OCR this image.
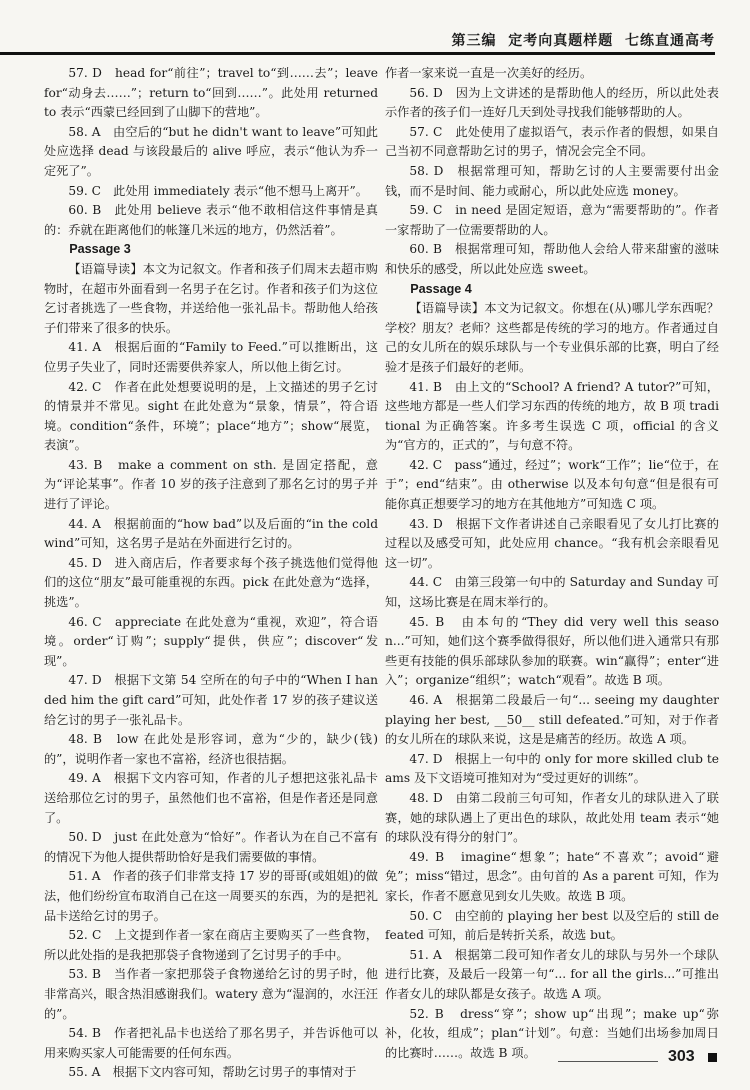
第三编  定考向真题样题  七练直通高考

57. D　head for“前往”；travel to“到……去”；leave for“动身去……”；return to“回到……”。此处用 returned to 表示“西蒙已经回到了山脚下的营地”。

58. A　由空后的“but he didn't want to leave”可知此处应选择 dead 与该段最后的 alive 呼应，表示“他认为乔一定死了”。

59. C　此处用 immediately 表示“他不想马上离开”。

60. B　此处用 believe 表示“他不敢相信这件事情是真的：乔就在距离他们的帐篷几米远的地方，仍然活着”。

Passage 3

【语篇导读】本文为记叙文。作者和孩子们周末去超市购物时，在超市外面看到一名男子在乞讨。作者和孩子们为这位乞讨者挑选了一些食物，并送给他一张礼品卡。帮助他人给孩子们带来了很多的快乐。

41. A　根据后面的“Family to Feed.”可以推断出，这位男子失业了，同时还需要供养家人，所以他上街乞讨。

42. C　作者在此处想要说明的是，上文描述的男子乞讨的情景并不常见。sight 在此处意为“景象，情景”，符合语境。condition“条件，环境”；place“地方”；show“展览，表演”。

43. B　make a comment on sth. 是固定搭配，意为“评论某事”。作者 10 岁的孩子注意到了那名乞讨的男子并进行了评论。

44. A　根据前面的“how bad”以及后面的“in the cold wind”可知，这名男子是站在外面进行乞讨的。

45. D　进入商店后，作者要求每个孩子挑选他们觉得他们的这位“朋友”最可能重视的东西。pick 在此处意为“选择，挑选”。

46. C　appreciate 在此处意为“重视，欢迎”，符合语境。order“订购”；supply“提供，供应”；discover“发现”。

47. D　根据下文第 54 空所在的句子中的“When I handed him the gift card”可知，此处作者 17 岁的孩子建议送给乞讨的男子一张礼品卡。

48. B　low 在此处是形容词，意为“少的，缺少(钱)的”，说明作者一家也不富裕，经济也很拮据。

49. A　根据下文内容可知，作者的儿子想把这张礼品卡送给那位乞讨的男子，虽然他们也不富裕，但是作者还是同意了。

50. D　just 在此处意为“恰好”。作者认为在自己不富有的情况下为他人提供帮助恰好是我们需要做的事情。

51. A　作者的孩子们非常支持 17 岁的哥哥(或姐姐)的做法，他们纷纷宣布取消自己在这一周要买的东西，为的是把礼品卡送给乞讨的男子。

52. C　上文提到作者一家在商店主要购买了一些食物，所以此处指的是我把那袋子食物递到了乞讨男子的手中。

53. B　当作者一家把那袋子食物递给乞讨的男子时，他非常高兴，眼含热泪感谢我们。watery 意为“湿润的，水汪汪的”。

54. B　作者把礼品卡也送给了那名男子，并告诉他可以用来购买家人可能需要的任何东西。

55. A　根据下文内容可知，帮助乞讨男子的事情对于

作者一家来说一直是一次美好的经历。

56. D　因为上文讲述的是帮助他人的经历，所以此处表示作者的孩子们一连好几天到处寻找我们能够帮助的人。

57. C　此处使用了虚拟语气，表示作者的假想，如果自己当初不同意帮助乞讨的男子，情况会完全不同。

58. D　根据常理可知，帮助乞讨的人主要需要付出金钱，而不是时间、能力或耐心，所以此处应选 money。

59. C　in need 是固定短语，意为“需要帮助的”。作者一家帮助了一位需要帮助的人。

60. B　根据常理可知，帮助他人会给人带来甜蜜的滋味和快乐的感受，所以此处应选 sweet。

Passage 4

【语篇导读】本文为记叙文。你想在(从)哪儿学东西呢？学校？朋友？老师？这些都是传统的学习的地方。作者通过自己的女儿所在的娱乐球队与一个专业俱乐部的比赛，明白了经验才是孩子们最好的老师。

41. B　由上文的“School? A friend? A tutor?”可知，这些地方都是一些人们学习东西的传统的地方，故 B 项 traditional 为正确答案。许多考生误选 C 项，official 的含义为“官方的，正式的”，与句意不符。

42. C　pass“通过，经过”；work“工作”；lie“位于，在于”；end“结束”。由 otherwise 以及本句句意“但是很有可能你真正想要学习的地方在其他地方”可知选 C 项。

43. D　根据下文作者讲述自己亲眼看见了女儿打比赛的过程以及感受可知，此处应用 chance。“我有机会亲眼看见这一切”。

44. C　由第三段第一句中的 Saturday and Sunday 可知，这场比赛是在周末举行的。

45. B　由本句的“They did very well this season...”可知，她们这个赛季做得很好，所以他们进入通常只有那些更有技能的俱乐部球队参加的联赛。win“赢得”；enter“进入”；organize“组织”；watch“观看”。故选 B 项。

46. A　根据第二段最后一句“... seeing my daughter playing her best, __50__ still defeated.”可知，对于作者的女儿所在的球队来说，这是是痛苦的经历。故选 A 项。

47. D　根据上一句中的 only for more skilled club teams 及下文语境可推知对为“受过更好的训练”。

48. D　由第二段前三句可知，作者女儿的球队进入了联赛，她的球队遇上了更出色的球队，故此处用 team 表示“她的球队没有得分的射门”。

49. B　imagine“想象”；hate“不喜欢”；avoid“避免”；miss“错过，思念”。由句首的 As a parent 可知，作为家长，作者不愿意见到女儿失败。故选 B 项。

50. C　由空前的 playing her best 以及空后的 still defeated 可知，前后是转折关系，故选 but。

51. A　根据第二段可知作者女儿的球队与另外一个球队进行比赛，及最后一段第一句“... for all the girls...”可推出作者女儿的球队都是女孩子。故选 A 项。

52. B　dress“穿”；show up“出现”；make up“弥补，化妆，组成”；plan“计划”。句意：当她们出场参加周日的比赛时……。故选 B 项。	303
